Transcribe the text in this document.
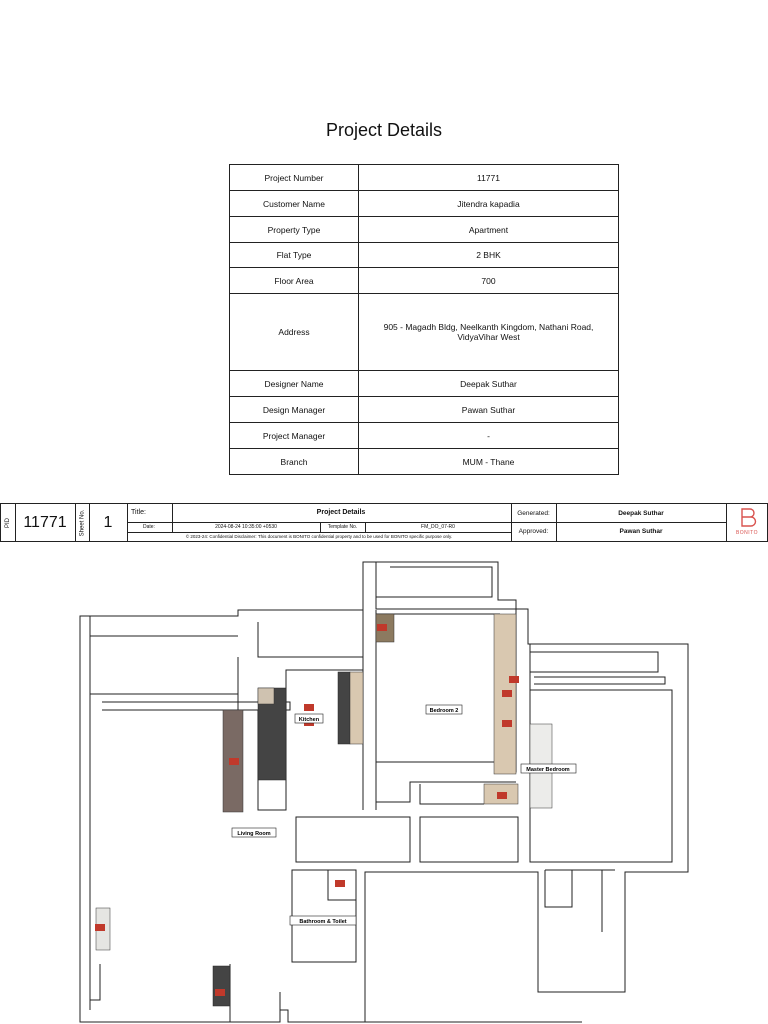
Project Details
Project Number	11771
Customer Name	Jitendra kapadia
Property Type	Apartment
Flat Type	2 BHK
Floor Area	700
Address	905 - Magadh Bldg, Neelkanth Kingdom, Nathani Road, VidyaVihar West
Designer Name	Deepak Suthar
Design Manager	Pawan Suthar
Project Manager	-
Branch	MUM - Thane
PID 11771	Sheet No.	1
Title:	Project Details
Date:	2024-08-24 10:35:00 +0530	Template No.	FM_DO_07-R0
© 2023-24: Confidential Disclaimer: This document is BONITO confidential property and to be used for BONITO specific purpose only.
Generated:	Deepak Suthar
Approved:	Pawan Suthar	BONITO
Kitchen
Bedroom 2
Master Bedroom
Living Room
Bathroom & Toilet
